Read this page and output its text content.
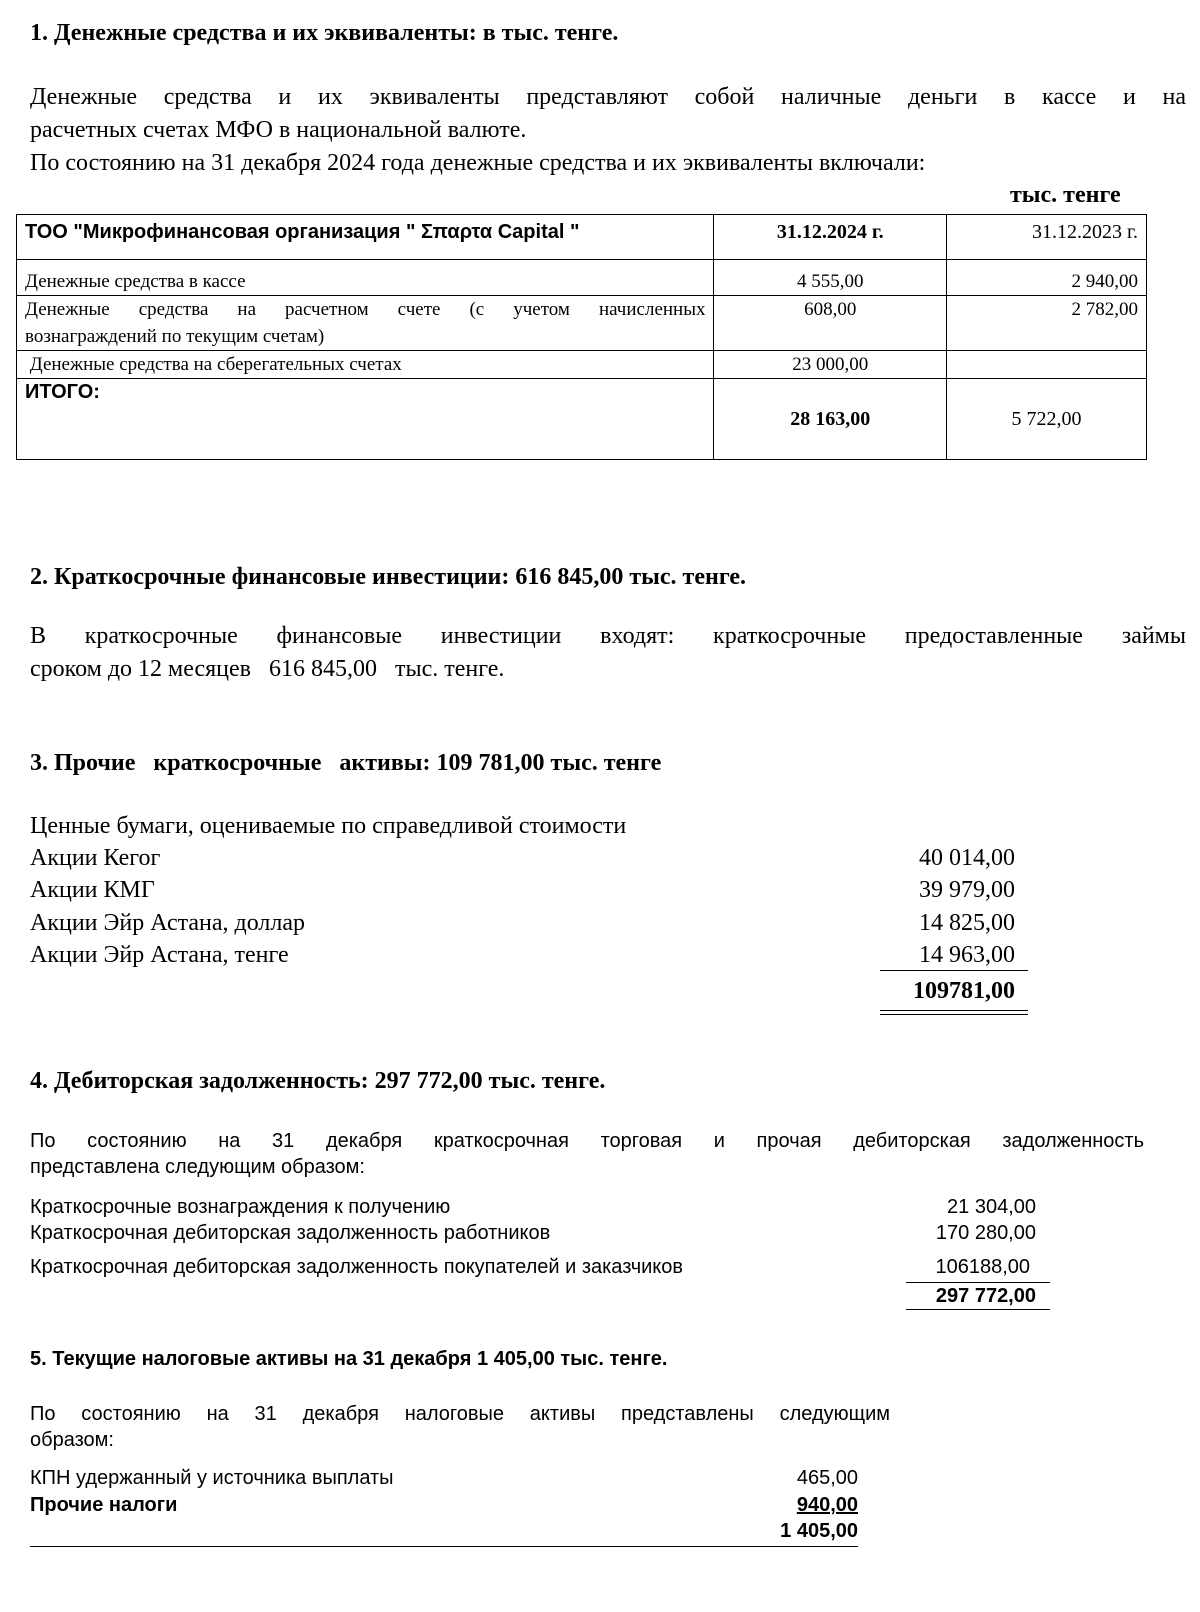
1. Денежные средства и их эквиваленты: в тыс. тенге.
Денежные средства и их эквиваленты представляют собой наличные деньги в кассе и на
расчетных счетах МФО в национальной валюте.
По состоянию на 31 декабря 2024 года денежные средства и их эквиваленты включали:
тыс. тенге
ТОО "Микрофинансовая организация " Σπαρτα Capital "	31.12.2024 г.	31.12.2023 г.

Денежные средства в кассе	4 555,00	2 940,00

Денежные средства на расчетном счете (с учетом начисленных
вознаграждений по текущим счетам)	608,00	2 782,00
Денежные средства на сберегательных счетах	23 000,00	
ИТОГО:	28 163,00	5 722,00
2. Краткосрочные финансовые инвестиции: 616 845,00 тыс. тенге.
В краткосрочные финансовые инвестиции входят: краткосрочные предоставленные займы
сроком до 12 месяцев   616 845,00   тыс. тенге.
3. Прочие   краткосрочные   активы: 109 781,00 тыс. тенге
Ценные бумаги, оцениваемые по справедливой стоимости
Акции Кегог	40 014,00
Акции КМГ	39 979,00
Акции Эйр Астана, доллар	14 825,00
Акции Эйр Астана, тенге	14 963,00
109781,00
4. Дебиторская задолженность: 297 772,00 тыс. тенге.
По состоянию на 31 декабря краткосрочная торговая и прочая дебиторская задолженность
представлена следующим образом:
Краткосрочные вознаграждения к получению	21 304,00
Краткосрочная дебиторская задолженность работников	170 280,00
Краткосрочная дебиторская задолженность покупателей и заказчиков	106188,00
297 772,00
5. Текущие налоговые активы на 31 декабря 1 405,00 тыс. тенге.
По состоянию на 31 декабря налоговые активы представлены следующим
образом:
КПН удержанный у источника выплаты	465,00
Прочие налоги	940,00
1 405,00
